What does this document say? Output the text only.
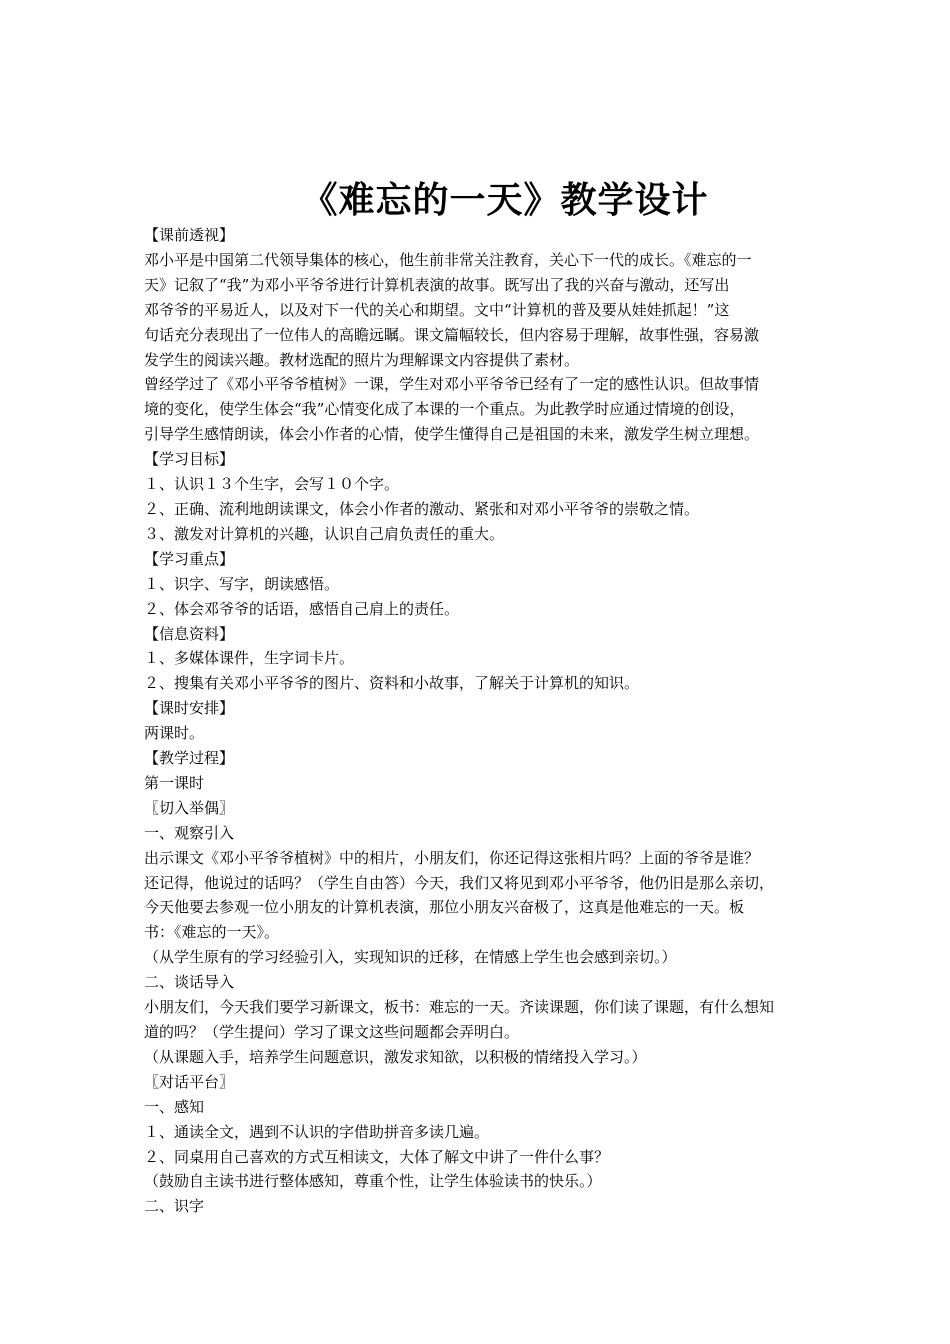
《难忘的一天》教学设计
【课前透视】
邓小平是中国第二代领导集体的核心，他生前非常关注教育，关心下一代的成长。《难忘的一
天》记叙了“我”为邓小平爷爷进行计算机表演的故事。既写出了我的兴奋与激动，还写出
邓爷爷的平易近人，以及对下一代的关心和期望。文中“计算机的普及要从娃娃抓起！”这
句话充分表现出了一位伟人的高瞻远瞩。课文篇幅较长，但内容易于理解，故事性强，容易激
发学生的阅读兴趣。教材选配的照片为理解课文内容提供了素材。
曾经学过了《邓小平爷爷植树》一课，学生对邓小平爷爷已经有了一定的感性认识。但故事情
境的变化，使学生体会“我”心情变化成了本课的一个重点。为此教学时应通过情境的创设，
引导学生感情朗读，体会小作者的心情，使学生懂得自己是祖国的未来，激发学生树立理想。
【学习目标】
１、认识１３个生字，会写１０个字。
２、正确、流利地朗读课文，体会小作者的激动、紧张和对邓小平爷爷的崇敬之情。
３、激发对计算机的兴趣，认识自己肩负责任的重大。
【学习重点】
１、识字、写字，朗读感悟。
２、体会邓爷爷的话语，感悟自己肩上的责任。
【信息资料】
１、多媒体课件，生字词卡片。
２、搜集有关邓小平爷爷的图片、资料和小故事，了解关于计算机的知识。
【课时安排】
两课时。
【教学过程】
第一课时
〖切入举偶〗
一、观察引入
出示课文《邓小平爷爷植树》中的相片，小朋友们，你还记得这张相片吗？上面的爷爷是谁？
还记得，他说过的话吗？（学生自由答）今天，我们又将见到邓小平爷爷，他仍旧是那么亲切，
今天他要去参观一位小朋友的计算机表演，那位小朋友兴奋极了，这真是他难忘的一天。板
书：《难忘的一天》。
（从学生原有的学习经验引入，实现知识的迁移，在情感上学生也会感到亲切。）
二、谈话导入
小朋友们，今天我们要学习新课文，板书：难忘的一天。齐读课题，你们读了课题，有什么想知
道的吗？（学生提问）学习了课文这些问题都会弄明白。
（从课题入手，培养学生问题意识，激发求知欲，以积极的情绪投入学习。）
〖对话平台〗
一、感知
１、通读全文，遇到不认识的字借助拼音多读几遍。
２、同桌用自己喜欢的方式互相读文，大体了解文中讲了一件什么事？
（鼓励自主读书进行整体感知，尊重个性，让学生体验读书的快乐。）
二、识字
